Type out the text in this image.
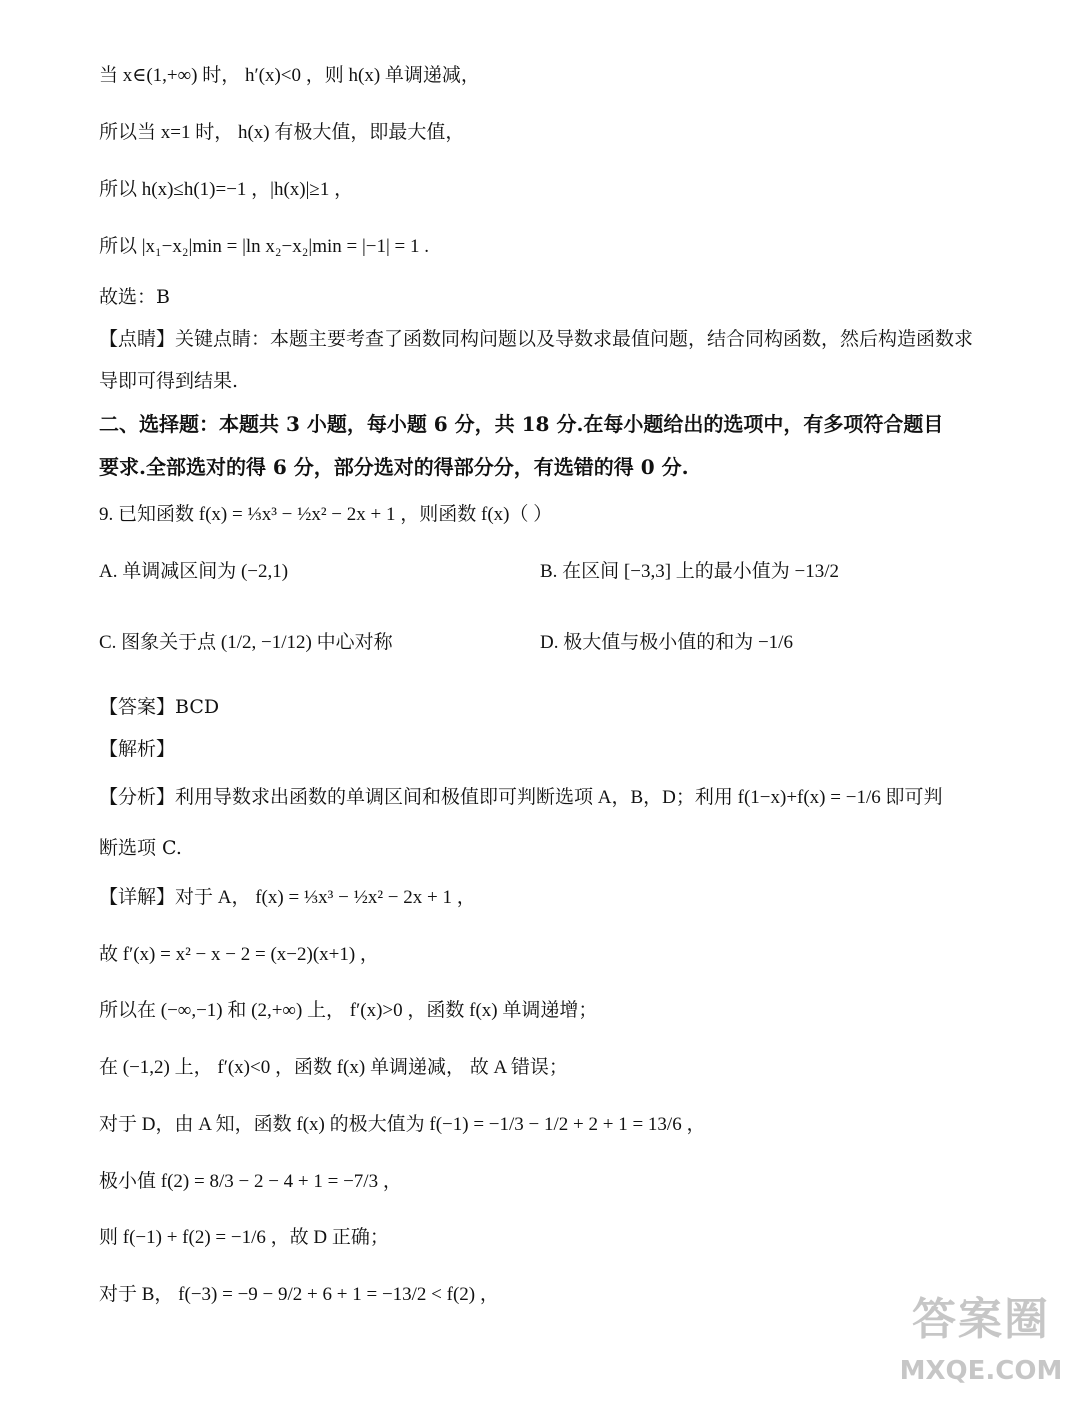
当 x∈(1,+∞) 时， h′(x)<0 ，则 h(x) 单调递减，
所以当 x=1 时， h(x) 有极大值，即最大值，
所以 h(x)≤h(1)=−1 ，|h(x)|≥1 ，
所以 |x₁−x₂|min = |ln x₂−x₂|min = |−1| = 1 .
故选：B
【点睛】关键点睛：本题主要考查了函数同构问题以及导数求最值问题，结合同构函数，然后构造函数求
导即可得到结果.
二、选择题：本题共 3 小题，每小题 6 分，共 18 分.在每小题给出的选项中，有多项符合题目
要求.全部选对的得 6 分，部分选对的得部分分，有选错的得 0 分.
9. 已知函数 f(x) = ⅓x³ − ½x² − 2x + 1 ，则函数 f(x)（ ）
A. 单调减区间为 (−2,1)	B. 在区间 [−3,3] 上的最小值为 −13/2
C. 图象关于点 (1/2, −1/12) 中心对称	D. 极大值与极小值的和为 −1/6
【答案】BCD
【解析】
【分析】利用导数求出函数的单调区间和极值即可判断选项 A，B，D；利用 f(1−x)+f(x) = −1/6 即可判
断选项 C.
【详解】对于 A， f(x) = ⅓x³ − ½x² − 2x + 1 ，
故 f′(x) = x² − x − 2 = (x−2)(x+1) ，
所以在 (−∞,−1) 和 (2,+∞) 上， f′(x)>0 ，函数 f(x) 单调递增；
在 (−1,2) 上， f′(x)<0 ，函数 f(x) 单调递减， 故 A 错误；
对于 D，由 A 知，函数 f(x) 的极大值为 f(−1) = −1/3 − 1/2 + 2 + 1 = 13/6 ，
极小值 f(2) = 8/3 − 2 − 4 + 1 = −7/3 ，
则 f(−1) + f(2) = −1/6 ，故 D 正确；
对于 B， f(−3) = −9 − 9/2 + 6 + 1 = −13/2 < f(2) ，	答案圈
MXQE.COM
